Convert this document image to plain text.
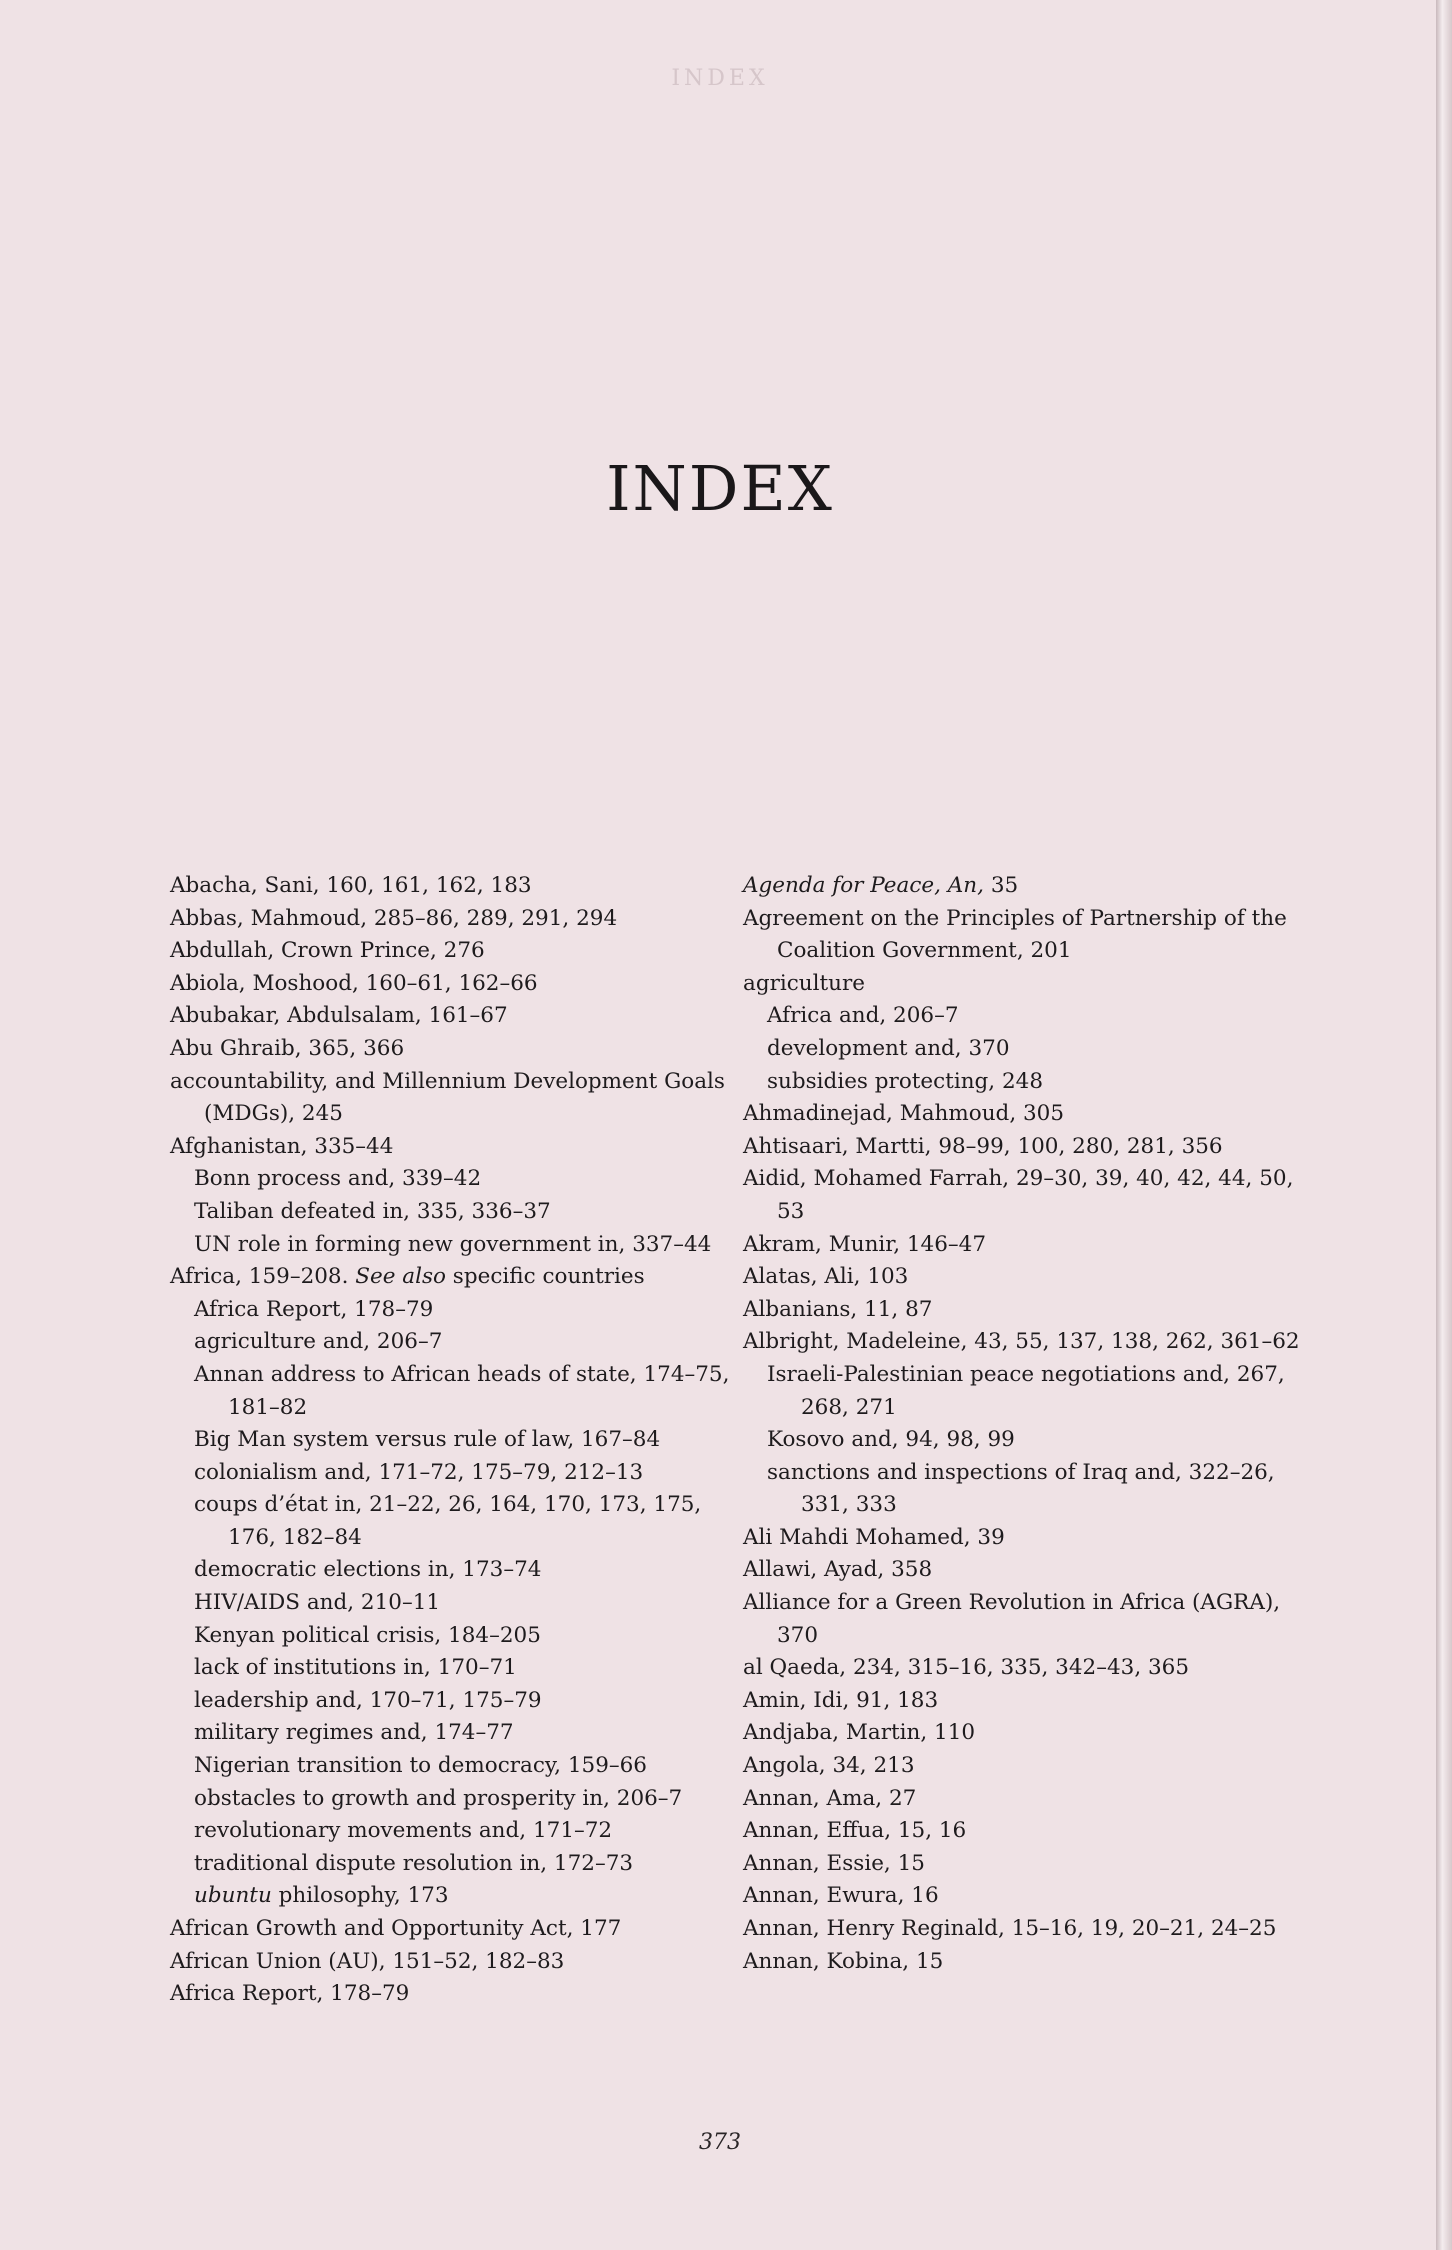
INDEX
INDEX

Abacha, Sani, 160, 161, 162, 183

Abbas, Mahmoud, 285–86, 289, 291, 294

Abdullah, Crown Prince, 276

Abiola, Moshood, 160–61, 162–66

Abubakar, Abdulsalam, 161–67

Abu Ghraib, 365, 366

accountability, and Millennium Development Goals (MDGs), 245

Afghanistan, 335–44

Bonn process and, 339–42

Taliban defeated in, 335, 336–37

UN role in forming new government in, 337–44

Africa, 159–208. See also specific countries

Africa Report, 178–79

agriculture and, 206–7

Annan address to African heads of state, 174–75, 181–82

Big Man system versus rule of law, 167–84

colonialism and, 171–72, 175–79, 212–13

coups d’état in, 21–22, 26, 164, 170, 173, 175, 176, 182–84

democratic elections in, 173–74

HIV/AIDS and, 210–11

Kenyan political crisis, 184–205

lack of institutions in, 170–71

leadership and, 170–71, 175–79

military regimes and, 174–77

Nigerian transition to democracy, 159–66

obstacles to growth and prosperity in, 206–7

revolutionary movements and, 171–72

traditional dispute resolution in, 172–73

ubuntu philosophy, 173

African Growth and Opportunity Act, 177

African Union (AU), 151–52, 182–83

Africa Report, 178–79

Agenda for Peace, An, 35

Agreement on the Principles of Partnership of the Coalition Government, 201

agriculture

Africa and, 206–7

development and, 370

subsidies protecting, 248

Ahmadinejad, Mahmoud, 305

Ahtisaari, Martti, 98–99, 100, 280, 281, 356

Aidid, Mohamed Farrah, 29–30, 39, 40, 42, 44, 50, 53

Akram, Munir, 146–47

Alatas, Ali, 103

Albanians, 11, 87

Albright, Madeleine, 43, 55, 137, 138, 262, 361–62

Israeli-Palestinian peace negotiations and, 267, 268, 271

Kosovo and, 94, 98, 99

sanctions and inspections of Iraq and, 322–26, 331, 333

Ali Mahdi Mohamed, 39

Allawi, Ayad, 358

Alliance for a Green Revolution in Africa (AGRA), 370

al Qaeda, 234, 315–16, 335, 342–43, 365

Amin, Idi, 91, 183

Andjaba, Martin, 110

Angola, 34, 213

Annan, Ama, 27

Annan, Effua, 15, 16

Annan, Essie, 15

Annan, Ewura, 16

Annan, Henry Reginald, 15–16, 19, 20–21, 24–25

Annan, Kobina, 15

373
